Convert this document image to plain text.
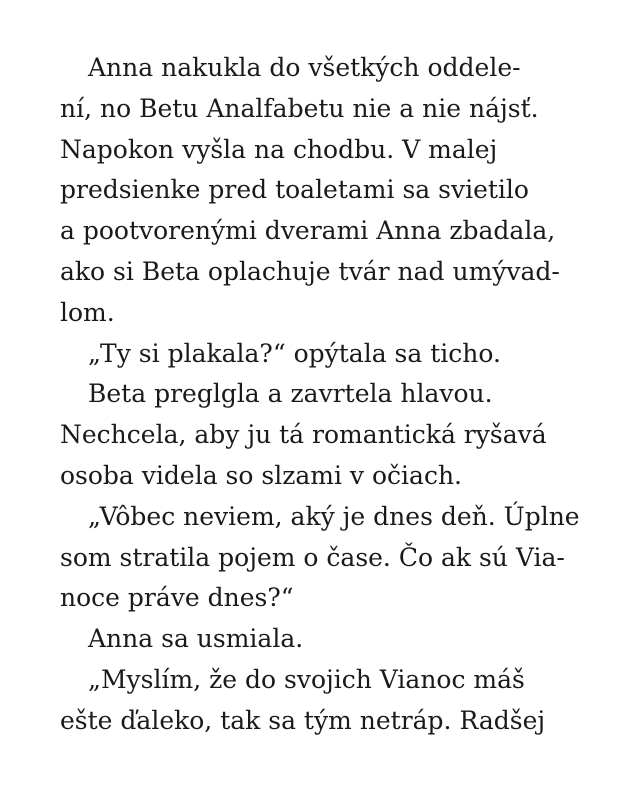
Anna nakukla do všetkých oddele-
ní, no Betu Analfabetu nie a nie nájsť.
Napokon vyšla na chodbu. V malej
predsienke pred toaletami sa svietilo
a pootvorenými dverami Anna zbadala,
ako si Beta oplachuje tvár nad umývad-
lom.
„Ty si plakala?“ opýtala sa ticho.
Beta preglgla a zavrtela hlavou.
Nechcela, aby ju tá romantická ryšavá
osoba videla so slzami v očiach.
„Vôbec neviem, aký je dnes deň. Úplne
som stratila pojem o čase. Čo ak sú Via-
noce práve dnes?“
Anna sa usmiala.
„Myslím, že do svojich Vianoc máš
ešte ďaleko, tak sa tým netráp. Radšej
